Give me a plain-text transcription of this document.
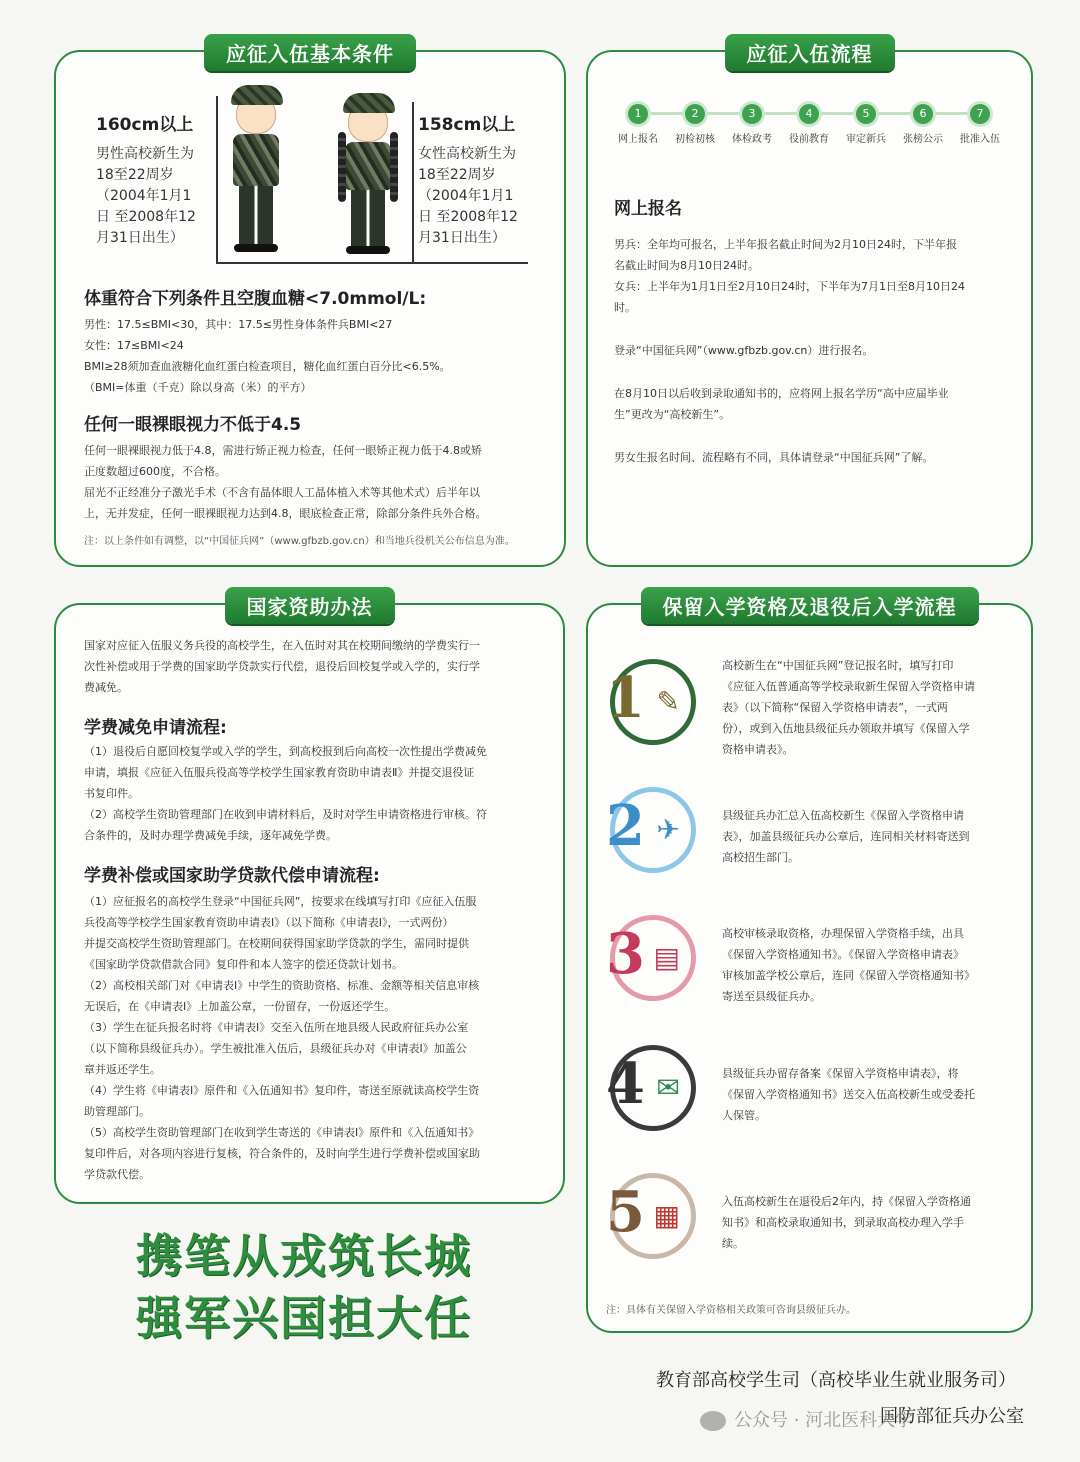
应征入伍基本条件
160cm以上
男性高校新生为
18至22周岁
（2004年1月1
日 至2008年12
月31日出生）
158cm以上
女性高校新生为
18至22周岁
（2004年1月1
日 至2008年12
月31日出生）
体重符合下列条件且空腹血糖<7.0mmol/L:
男性：17.5≤BMI<30，其中：17.5≤男性身体条件兵BMI<27
女性：17≤BMI<24
BMI≥28须加查血液糖化血红蛋白检查项目，糖化血红蛋白百分比<6.5%。
（BMI=体重（千克）除以身高（米）的平方）
任何一眼裸眼视力不低于4.5
任何一眼裸眼视力低于4.8，需进行矫正视力检查，任何一眼矫正视力低于4.8或矫
正度数超过600度，不合格。
屈光不正经准分子激光手术（不含有晶体眼人工晶体植入术等其他术式）后半年以
上，无并发症，任何一眼裸眼视力达到4.8，眼底检查正常，除部分条件兵外合格。
注：以上条件如有调整，以“中国征兵网”（www.gfbzb.gov.cn）和当地兵役机关公布信息为准。
应征入伍流程
1
网上报名
2
初检初核
3
体检政考
4
役前教育
5
审定新兵
6
张榜公示
7
批准入伍
网上报名
男兵：全年均可报名，上半年报名截止时间为2月10日24时，下半年报
名截止时间为8月10日24时。
女兵：上半年为1月1日至2月10日24时，下半年为7月1日至8月10日24
时。
登录“中国征兵网”（www.gfbzb.gov.cn）进行报名。
在8月10日以后收到录取通知书的，应将网上报名学历“高中应届毕业
生”更改为“高校新生”。
男女生报名时间、流程略有不同，具体请登录“中国征兵网”了解。
国家资助办法
国家对应征入伍服义务兵役的高校学生，在入伍时对其在校期间缴纳的学费实行一
次性补偿或用于学费的国家助学贷款实行代偿，退役后回校复学或入学的，实行学
费减免。
学费减免申请流程:
（1）退役后自愿回校复学或入学的学生，到高校报到后向高校一次性提出学费减免
申请，填报《应征入伍服兵役高等学校学生国家教育资助申请表Ⅱ》并提交退役证
书复印件。
（2）高校学生资助管理部门在收到申请材料后，及时对学生申请资格进行审核。符
合条件的，及时办理学费减免手续，逐年减免学费。
学费补偿或国家助学贷款代偿申请流程:
（1）应征报名的高校学生登录“中国征兵网”，按要求在线填写打印《应征入伍服
兵役高等学校学生国家教育资助申请表Ⅰ》（以下简称《申请表Ⅰ》，一式两份）
并提交高校学生资助管理部门。在校期间获得国家助学贷款的学生，需同时提供
《国家助学贷款借款合同》复印件和本人签字的偿还贷款计划书。
（2）高校相关部门对《申请表Ⅰ》中学生的资助资格、标准、金额等相关信息审核
无误后，在《申请表Ⅰ》上加盖公章，一份留存，一份返还学生。
（3）学生在征兵报名时将《申请表Ⅰ》交至入伍所在地县级人民政府征兵办公室
（以下简称县级征兵办）。学生被批准入伍后，县级征兵办对《申请表Ⅰ》加盖公
章并返还学生。
（4）学生将《申请表Ⅰ》原件和《入伍通知书》复印件，寄送至原就读高校学生资
助管理部门。
（5）高校学生资助管理部门在收到学生寄送的《申请表Ⅰ》原件和《入伍通知书》
复印件后，对各项内容进行复核，符合条件的，及时向学生进行学费补偿或国家助
学贷款代偿。
保留入学资格及退役后入学流程
1 ✎
高校新生在“中国征兵网”登记报名时，填写打印
《应征入伍普通高等学校录取新生保留入学资格申请
表》（以下简称“保留入学资格申请表”，一式两
份），或到入伍地县级征兵办领取并填写《保留入学
资格申请表》。
2 ✈	县级征兵办汇总入伍高校新生《保留入学资格申请
表》，加盖县级征兵办公章后，连同相关材料寄送到
高校招生部门。
3 ▤
高校审核录取资格，办理保留入学资格手续，出具
《保留入学资格通知书》。《保留入学资格申请表》
审核加盖学校公章后，连同《保留入学资格通知书》
寄送至县级征兵办。
4 ✉	县级征兵办留存备案《保留入学资格申请表》，将
《保留入学资格通知书》送交入伍高校新生或受委托
人保管。
5 ▦	入伍高校新生在退役后2年内，持《保留入学资格通
知书》和高校录取通知书，到录取高校办理入学手
续。
注：具体有关保留入学资格相关政策可咨询县级征兵办。
携笔从戎筑长城
强军兴国担大任
教育部高校学生司（高校毕业生就业服务司）
国防部征兵办公室
公众号 · 河北医科大学
